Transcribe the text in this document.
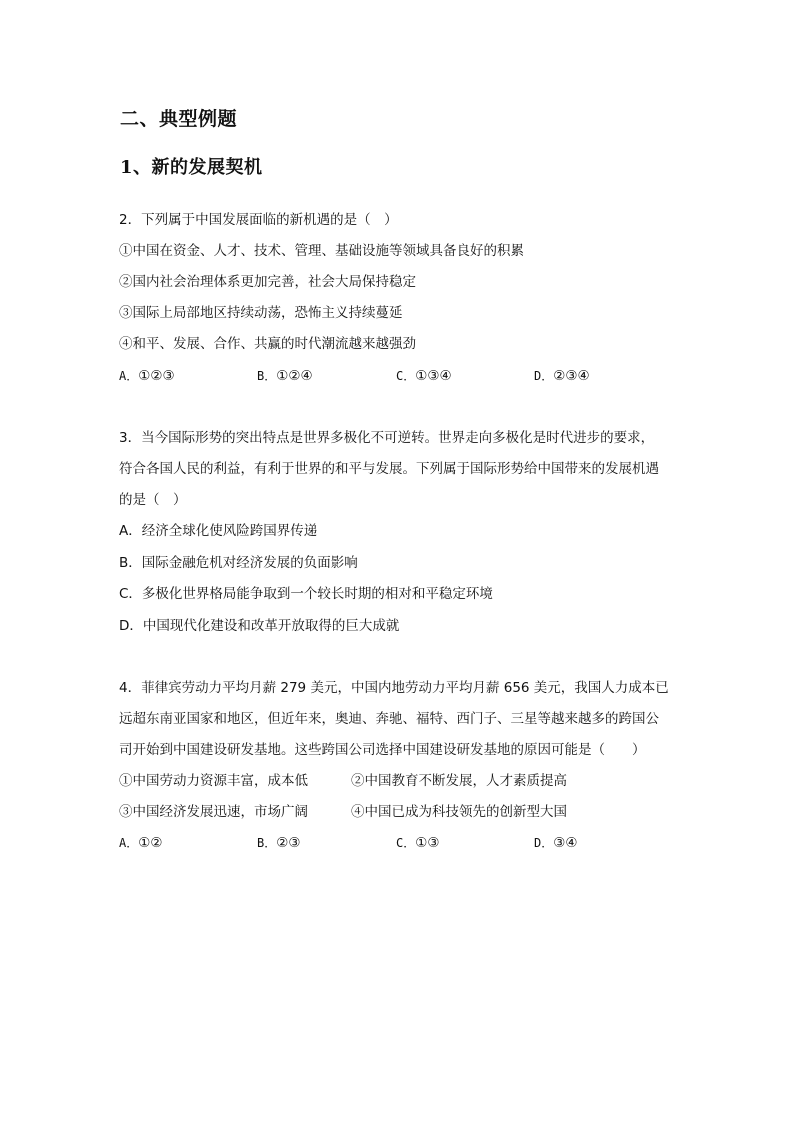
二、典型例题
1、新的发展契机
2．下列属于中国发展面临的新机遇的是（　）
①中国在资金、人才、技术、管理、基础设施等领域具备良好的积累
②国内社会治理体系更加完善，社会大局保持稳定
③国际上局部地区持续动荡，恐怖主义持续蔓延
④和平、发展、合作、共赢的时代潮流越来越强劲
A．①②③	B．①②④	C．①③④	D．②③④
3．当今国际形势的突出特点是世界多极化不可逆转。世界走向多极化是时代进步的要求，
符合各国人民的利益，有利于世界的和平与发展。下列属于国际形势给中国带来的发展机遇
的是（　）
A．经济全球化使风险跨国界传递
B．国际金融危机对经济发展的负面影响
C．多极化世界格局能争取到一个较长时期的相对和平稳定环境
D．中国现代化建设和改革开放取得的巨大成就
4．菲律宾劳动力平均月薪 279 美元，中国内地劳动力平均月薪 656 美元，我国人力成本已
远超东南亚国家和地区，但近年来，奥迪、奔驰、福特、西门子、三星等越来越多的跨国公
司开始到中国建设研发基地。这些跨国公司选择中国建设研发基地的原因可能是（　　）
①中国劳动力资源丰富，成本低	②中国教育不断发展，人才素质提高
③中国经济发展迅速，市场广阔	④中国已成为科技领先的创新型大国
A．①②	B．②③	C．①③	D．③④
